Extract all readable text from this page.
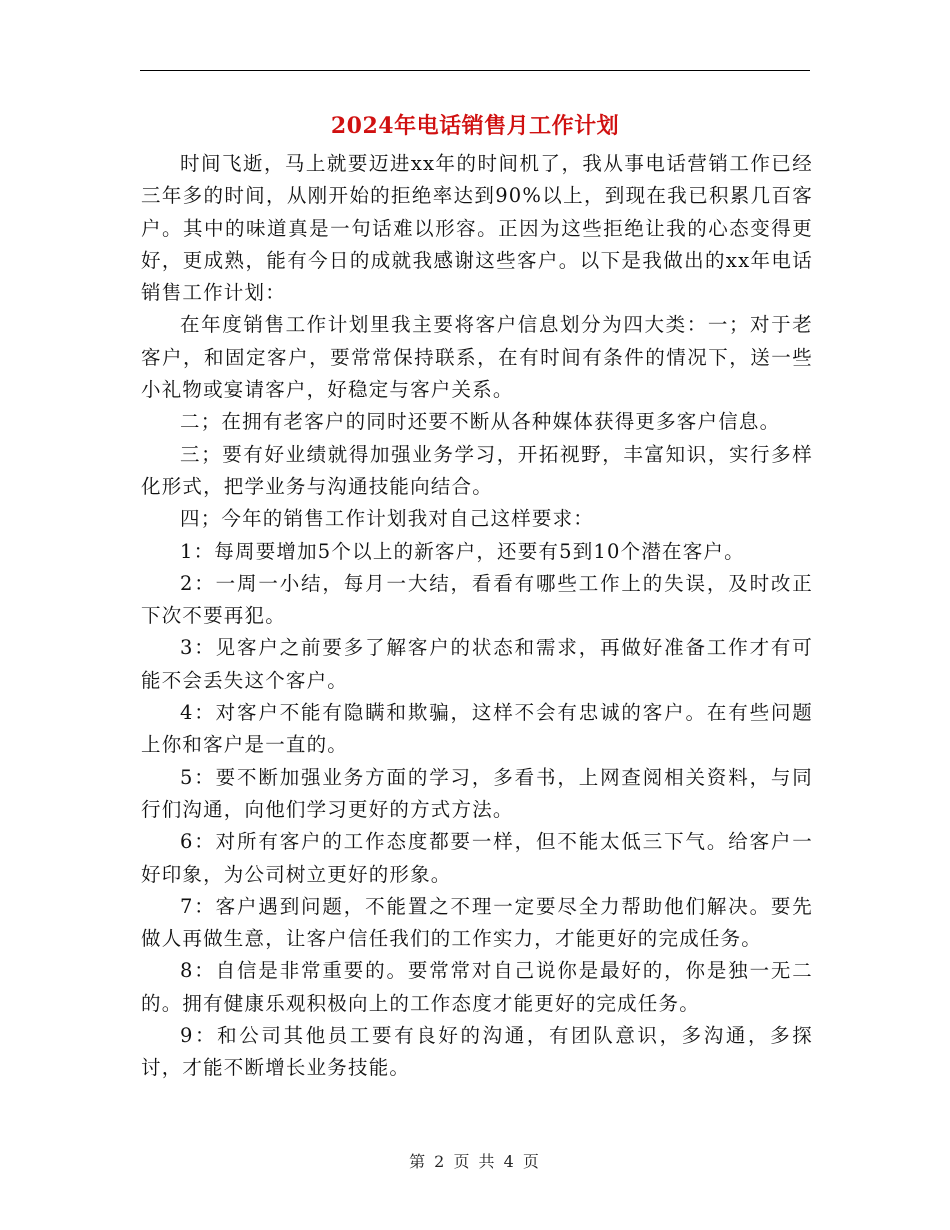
2024年电话销售月工作计划

时间飞逝，马上就要迈进xx年的时间机了，我从事电话营销工作已经三年多的时间，从刚开始的拒绝率达到90%以上，到现在我已积累几百客户。其中的味道真是一句话难以形容。正因为这些拒绝让我的心态变得更好，更成熟，能有今日的成就我感谢这些客户。以下是我做出的xx年电话销售工作计划：

在年度销售工作计划里我主要将客户信息划分为四大类：一；对于老客户，和固定客户，要常常保持联系，在有时间有条件的情况下，送一些小礼物或宴请客户，好稳定与客户关系。

二；在拥有老客户的同时还要不断从各种媒体获得更多客户信息。

三；要有好业绩就得加强业务学习，开拓视野，丰富知识，实行多样化形式，把学业务与沟通技能向结合。

四；今年的销售工作计划我对自己这样要求：

1：每周要增加5个以上的新客户，还要有5到10个潜在客户。

2：一周一小结，每月一大结，看看有哪些工作上的失误，及时改正下次不要再犯。

3：见客户之前要多了解客户的状态和需求，再做好准备工作才有可能不会丢失这个客户。

4：对客户不能有隐瞒和欺骗，这样不会有忠诚的客户。在有些问题上你和客户是一直的。

5：要不断加强业务方面的学习，多看书，上网查阅相关资料，与同行们沟通，向他们学习更好的方式方法。

6：对所有客户的工作态度都要一样，但不能太低三下气。给客户一好印象，为公司树立更好的形象。

7：客户遇到问题，不能置之不理一定要尽全力帮助他们解决。要先做人再做生意，让客户信任我们的工作实力，才能更好的完成任务。

8：自信是非常重要的。要常常对自己说你是最好的，你是独一无二的。拥有健康乐观积极向上的工作态度才能更好的完成任务。

9：和公司其他员工要有良好的沟通，有团队意识，多沟通，多探讨，才能不断增长业务技能。

第 2 页 共 4 页
